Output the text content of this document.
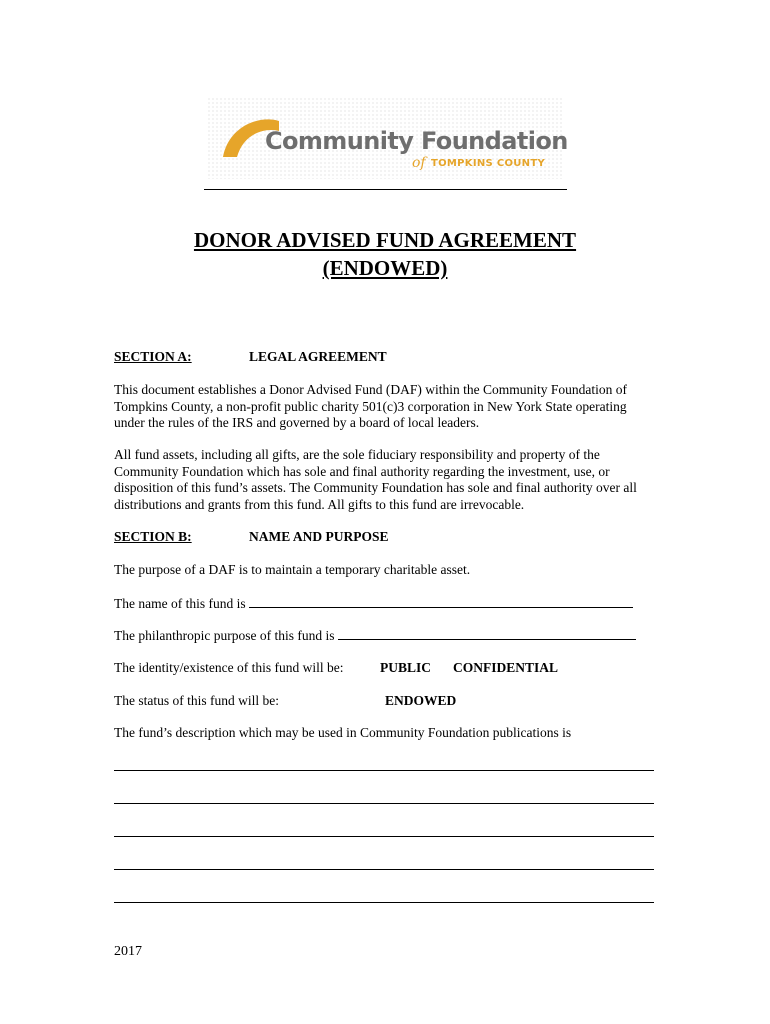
Community Foundation
of TOMPKINS COUNTY
DONOR ADVISED FUND AGREEMENT
(ENDOWED)
SECTION A:	LEGAL AGREEMENT
This document establishes a Donor Advised Fund (DAF) within the Community Foundation of Tompkins County, a non-profit public charity 501(c)3 corporation in New York State operating under the rules of the IRS and governed by a board of local leaders.
All fund assets, including all gifts, are the sole fiduciary responsibility and property of the Community Foundation which has sole and final authority regarding the investment, use, or disposition of this fund’s assets. The Community Foundation has sole and final authority over all distributions and grants from this fund. All gifts to this fund are irrevocable.
SECTION B:	NAME AND PURPOSE
The purpose of a DAF is to maintain a temporary charitable asset.
The name of this fund is
The philanthropic purpose of this fund is
The identity/existence of this fund will be:	PUBLIC CONFIDENTIAL
The status of this fund will be:	ENDOWED
The fund’s description which may be used in Community Foundation publications is
2017
